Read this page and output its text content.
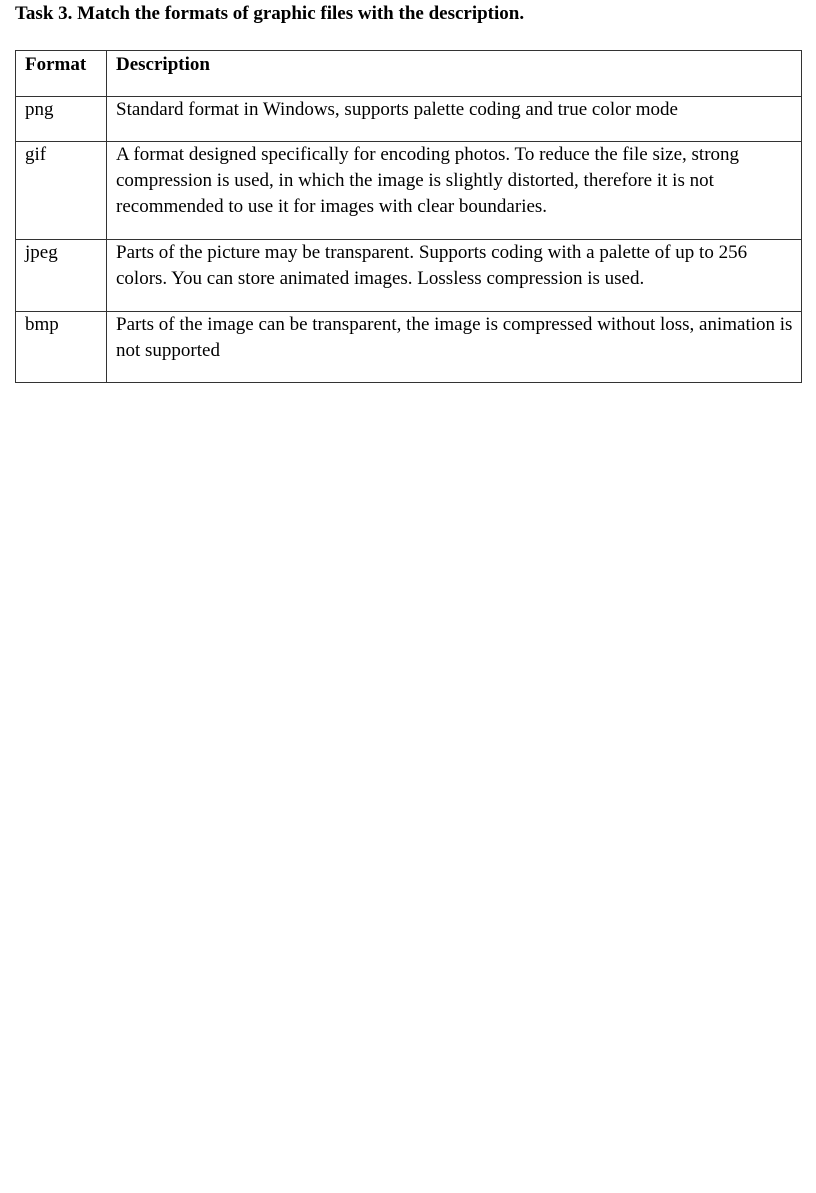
Task 3. Match the formats of graphic files with the description.
Format	Description
png	Standard format in Windows, supports palette coding and true color mode
gif	A format designed specifically for encoding photos. To reduce the file size, strong compression is used, in which the image is slightly distorted, therefore it is not recommended to use it for images with clear boundaries.
jpeg	Parts of the picture may be transparent. Supports coding with a palette of up to 256 colors. You can store animated images. Lossless compression is used.
bmp	Parts of the image can be transparent, the image is compressed without loss, animation is not supported
